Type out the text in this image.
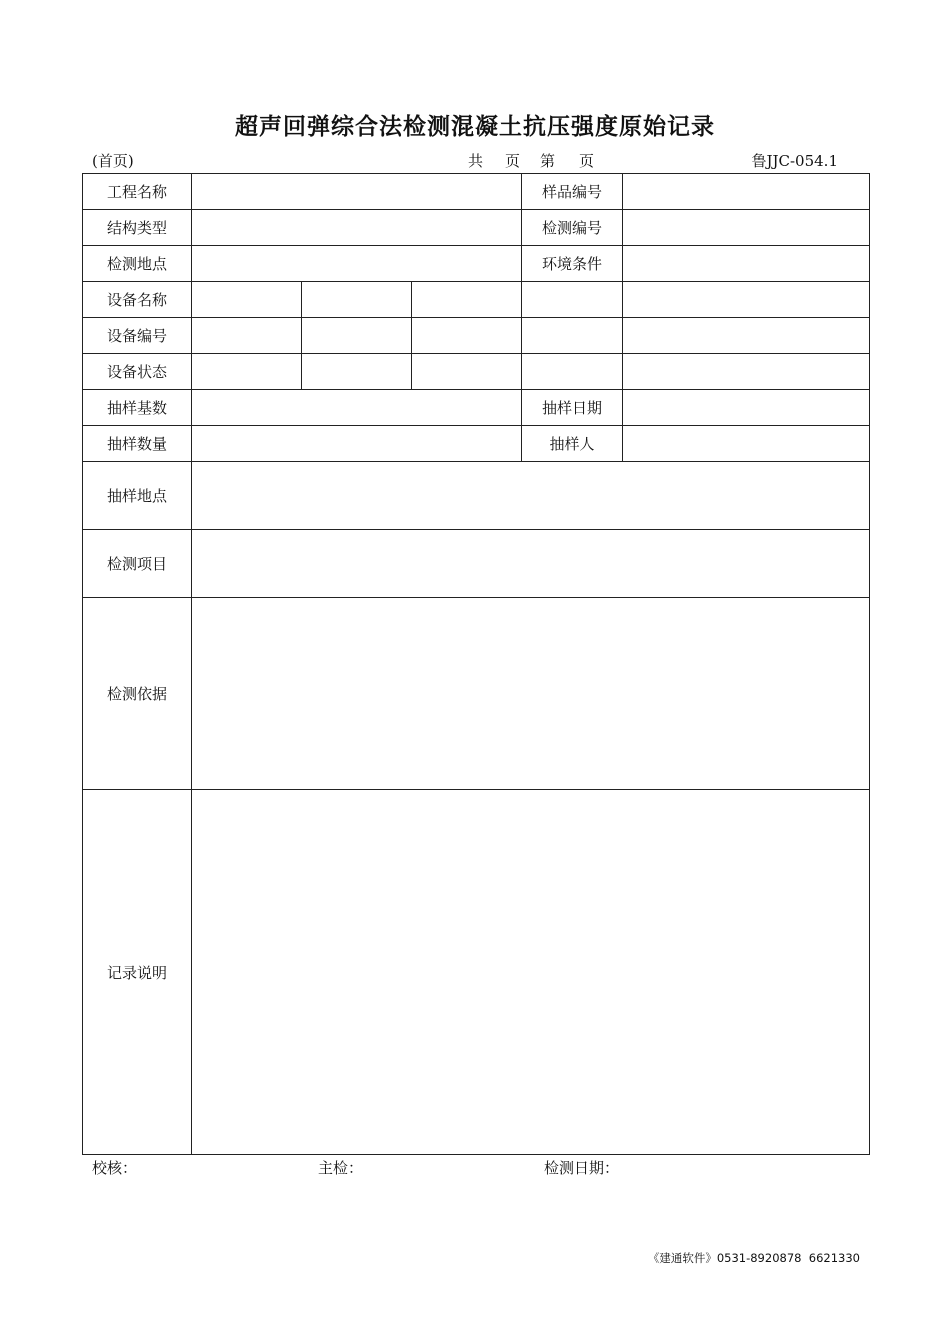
超声回弹综合法检测混凝土抗压强度原始记录
(首页)	共 页 第 页	鲁JJC-054.1
工程名称				样品编号	
结构类型				检测编号	
检测地点				环境条件	
设备名称					
设备编号					
设备状态					
抽样基数				抽样日期	
抽样数量				抽样人	
抽样地点					
检测项目					
检测依据					
记录说明					
校核：	主检：	检测日期：
《建通软件》0531-8920878  6621330
